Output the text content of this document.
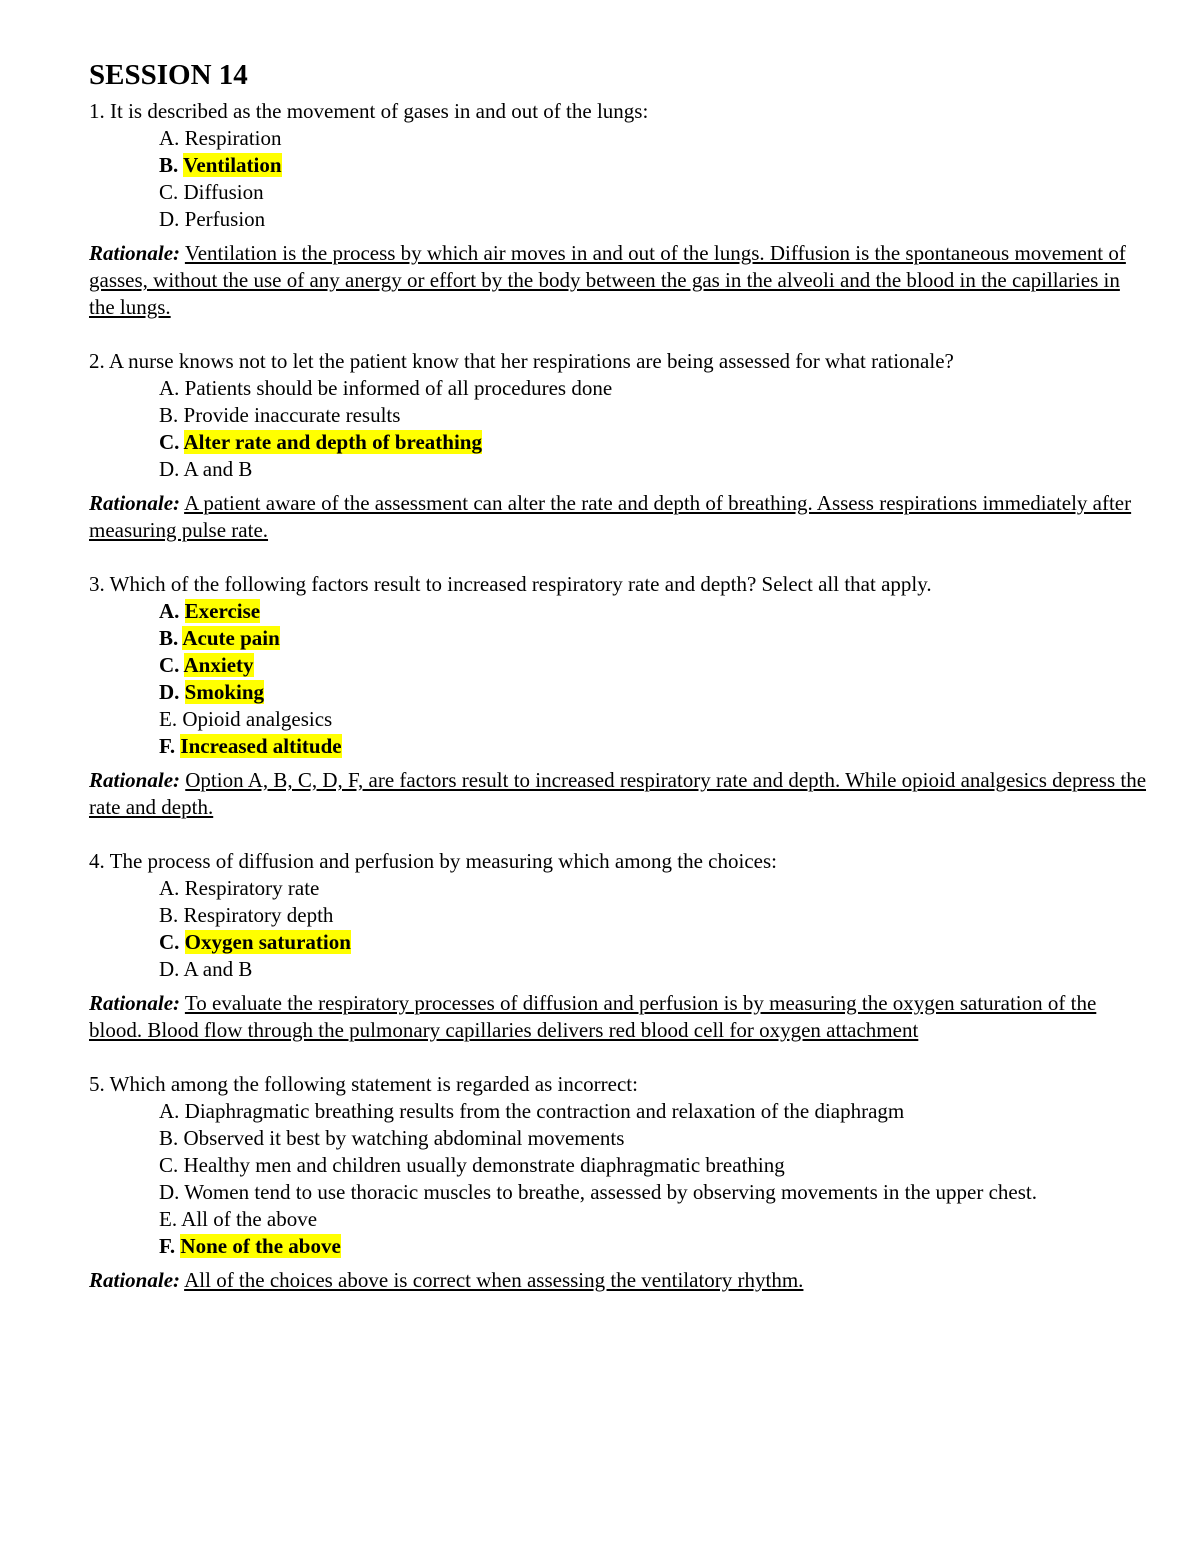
SESSION 14
1. It is described as the movement of gases in and out of the lungs:
A. Respiration
B. Ventilation
C. Diffusion
D. Perfusion
Rationale: Ventilation is the process by which air moves in and out of the lungs. Diffusion is the spontaneous movement of gasses, without the use of any anergy or effort by the body between the gas in the alveoli and the blood in the capillaries in the lungs.
2. A nurse knows not to let the patient know that her respirations are being assessed for what rationale?
A. Patients should be informed of all procedures done
B. Provide inaccurate results
C. Alter rate and depth of breathing
D. A and B
Rationale: A patient aware of the assessment can alter the rate and depth of breathing. Assess respirations immediately after measuring pulse rate.
3. Which of the following factors result to increased respiratory rate and depth? Select all that apply.
A. Exercise
B. Acute pain
C. Anxiety
D. Smoking
E. Opioid analgesics
F. Increased altitude
Rationale: Option A, B, C, D, F, are factors result to increased respiratory rate and depth. While opioid analgesics depress the rate and depth.
4. The process of diffusion and perfusion by measuring which among the choices:
A. Respiratory rate
B. Respiratory depth
C. Oxygen saturation
D. A and B
Rationale: To evaluate the respiratory processes of diffusion and perfusion is by measuring the oxygen saturation of the blood. Blood flow through the pulmonary capillaries delivers red blood cell for oxygen attachment
5. Which among the following statement is regarded as incorrect:
A. Diaphragmatic breathing results from the contraction and relaxation of the diaphragm
B. Observed it best by watching abdominal movements
C. Healthy men and children usually demonstrate diaphragmatic breathing
D. Women tend to use thoracic muscles to breathe, assessed by observing movements in the upper chest.
E. All of the above
F. None of the above
Rationale: All of the choices above is correct when assessing the ventilatory rhythm.
